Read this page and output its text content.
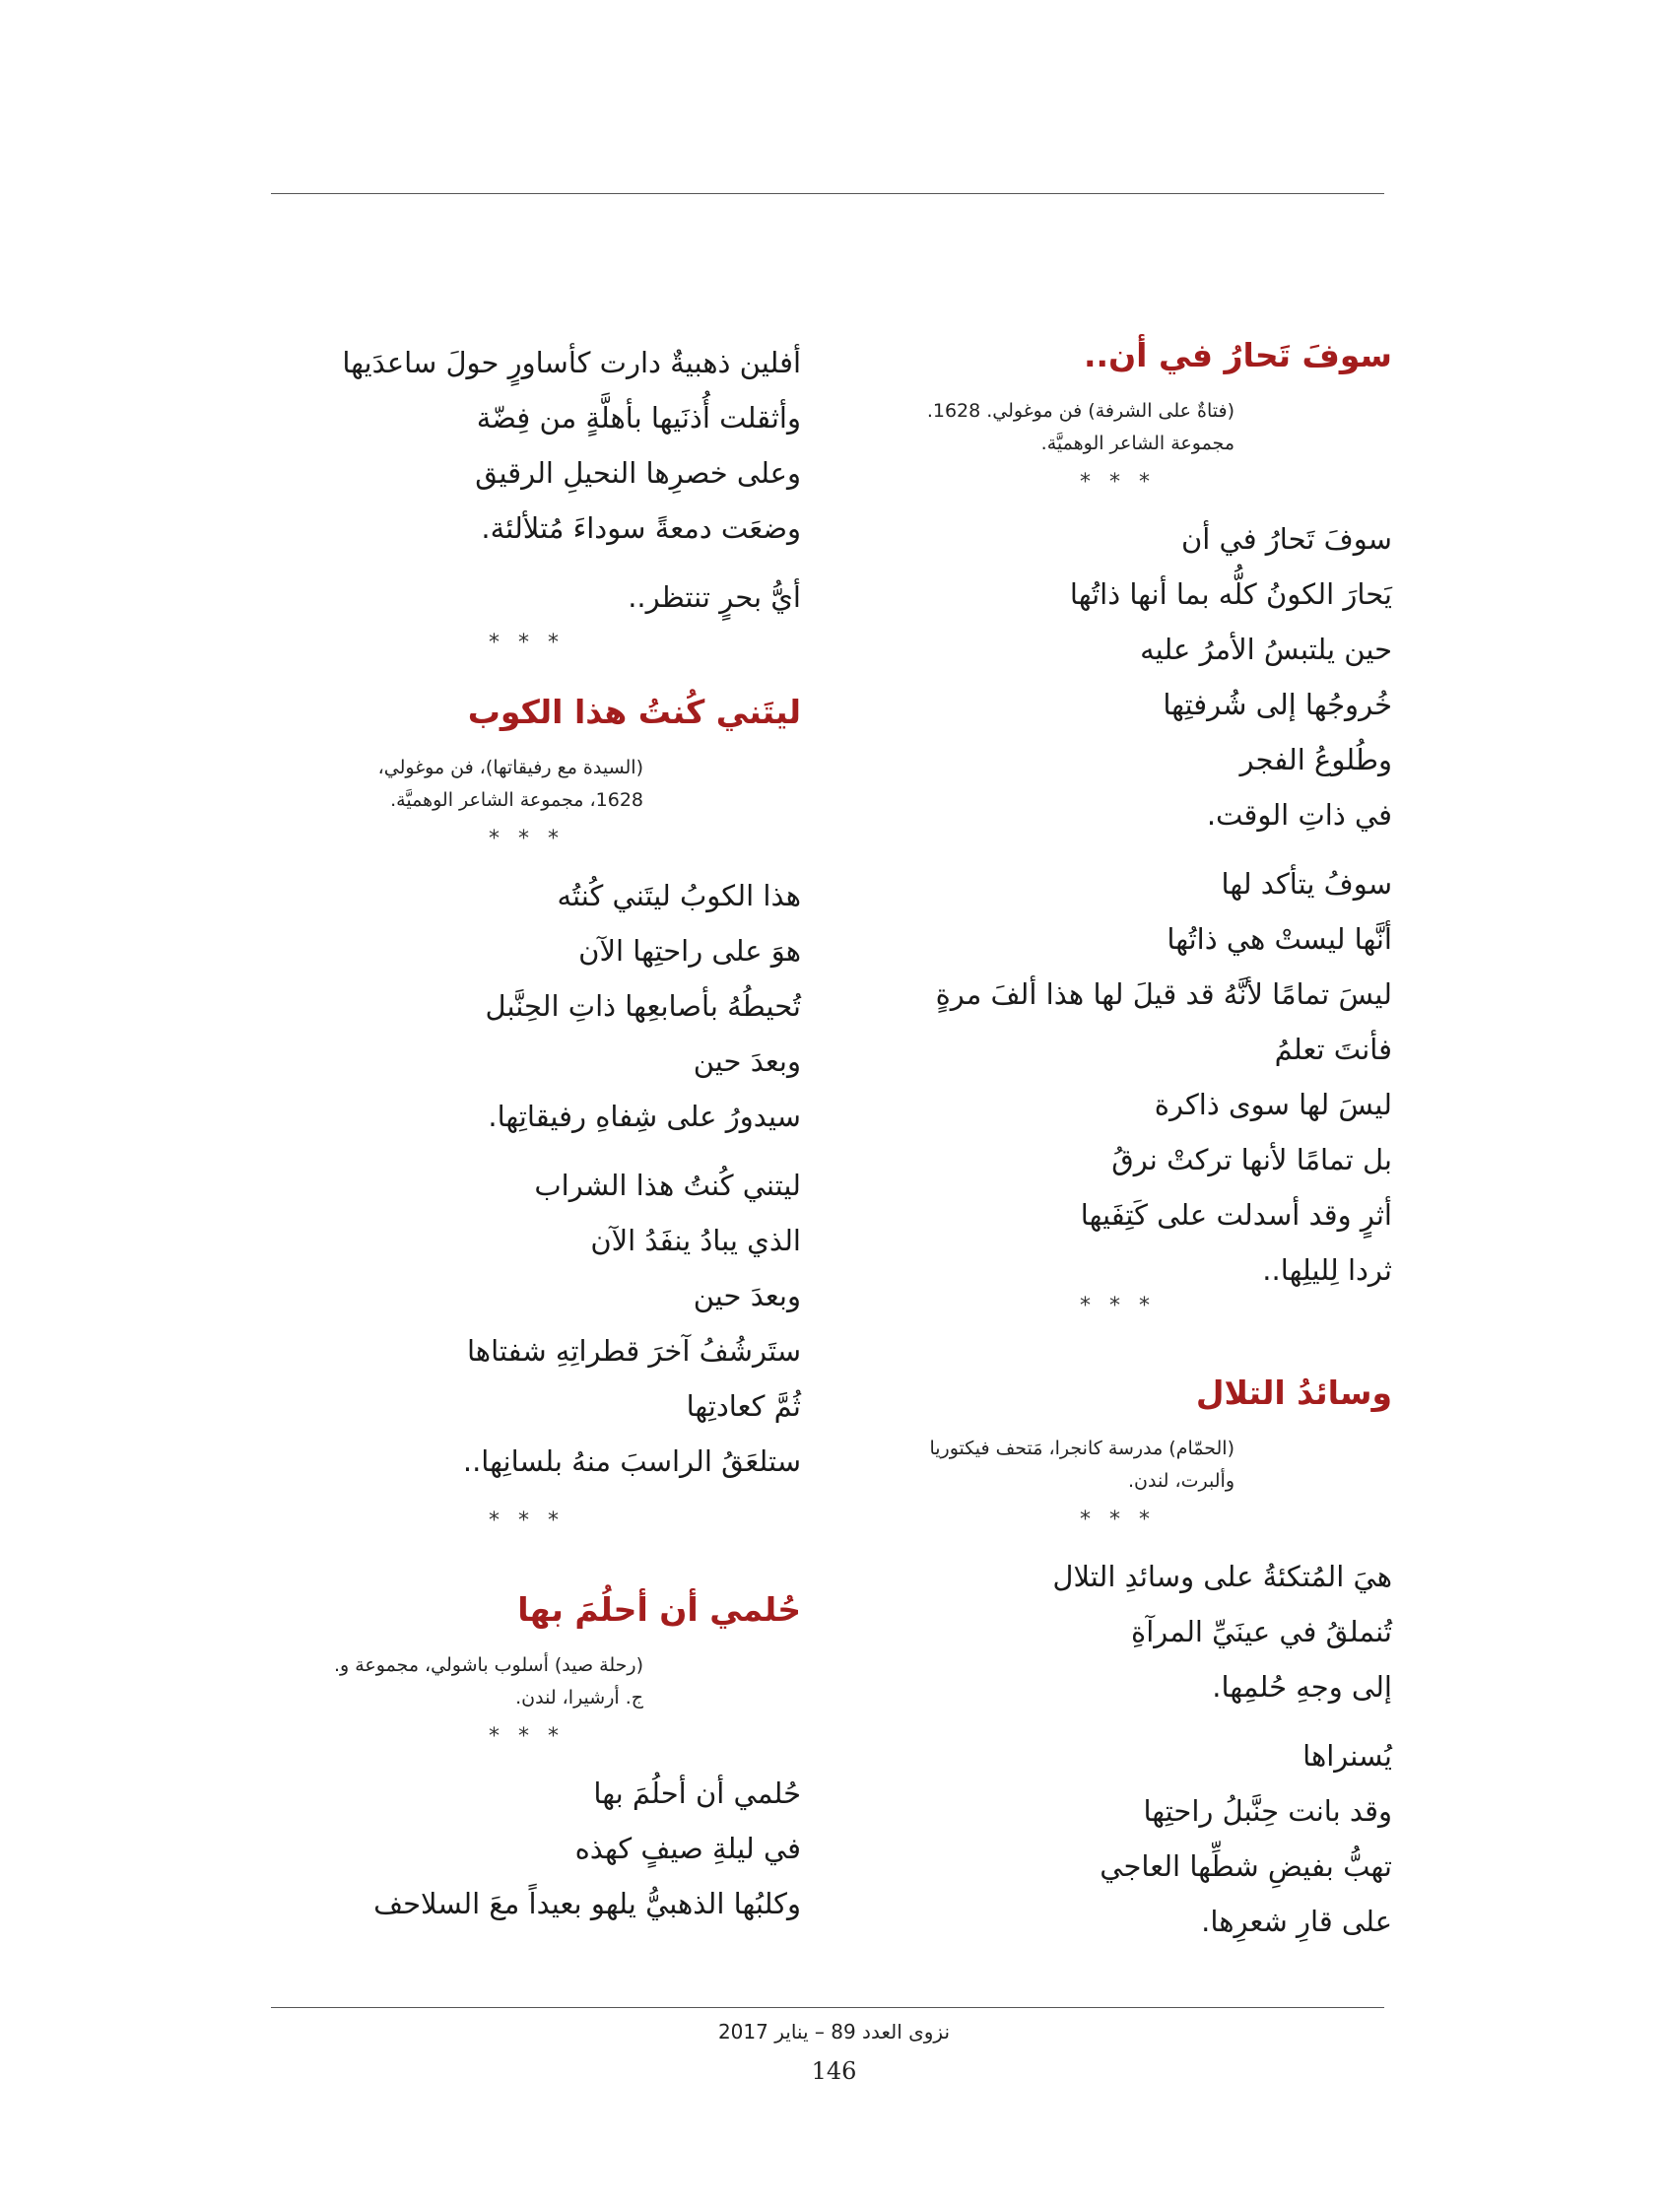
سوفَ تَحارُ في أن..
(فتاةٌ على الشرفة) فن موغولي. 1628.
مجموعة الشاعر الوهميَّة.
* * *
سوفَ تَحارُ في أن
يَحارَ الكونُ كلُّه بما أنها ذاتُها
حين يلتبسُ الأمرُ عليه
خُروجُها إلى شُرفتِها
وطُلوعُ الفجر
في ذاتِ الوقت.
سوفُ يتأكد لها
أنَّها ليستْ هي ذاتُها
ليسَ تمامًا لأنَّهُ قد قيلَ لها هذا ألفَ مرةٍ
فأنتَ تعلمُ
ليسَ لها سوى ذاكرة
بل تمامًا لأنها تركتْ نرقُ
أثرٍ وقد أسدلت على كَتِفَيها
ثردا لِليلِها..
* * *
وسائدُ التلال
(الحمّام) مدرسة كانجرا، مَتحف فيكتوريا
وألبرت، لندن.
* * *
هيَ المُتكئةُ على وسائدِ التلال
تُنملقُ في عينَيِّ المرآةِ
إلى وجهِ حُلمِها.
يُسنراها
وقد بانت حِنَّبلُ راحتِها
تهبُّ بفيضِ شطِّها العاجي
على قارِ شعرِها.
أفلين ذهبيةٌ دارت كأساورٍ حولَ ساعدَيها
وأثقلت أُذنَيها بأهلَّةٍ من فِضّة
وعلى خصرِها النحيلِ الرقيق
وضعَت دمعةً سوداءَ مُتلألئة.
أيُّ بحرٍ تنتظر..
* * *
ليتَني كُنتُ هذا الكوب
(السيدة مع رفيقاتها)، فن موغولي،
1628، مجموعة الشاعر الوهميَّة.
* * *
هذا الكوبُ ليتَني كُنتُه
هوَ على راحتِها الآن
تُحيطُهُ بأصابعِها ذاتِ الحِنَّبل
وبعدَ حين
سيدورُ على شِفاهِ رفيقاتِها.
ليتني كُنتُ هذا الشراب
الذي يبادُ ينفَدُ الآن
وبعدَ حين
ستَرشُفُ آخرَ قطراتِهِ شفتاها
ثُمَّ كعادتِها
ستلعَقُ الراسبَ منهُ بلسانِها..
* * *
حُلمي أن أحلُمَ بها
(رحلة صيد) أسلوب باشولي، مجموعة و.
ج. أرشيرا، لندن.
* * *
حُلمي أن أحلُمَ بها
في ليلةِ صيفٍ كهذه
وكلبُها الذهبيُّ يلهو بعيداً معَ السلاحف
نزوى العدد 89 – يناير 2017
146
